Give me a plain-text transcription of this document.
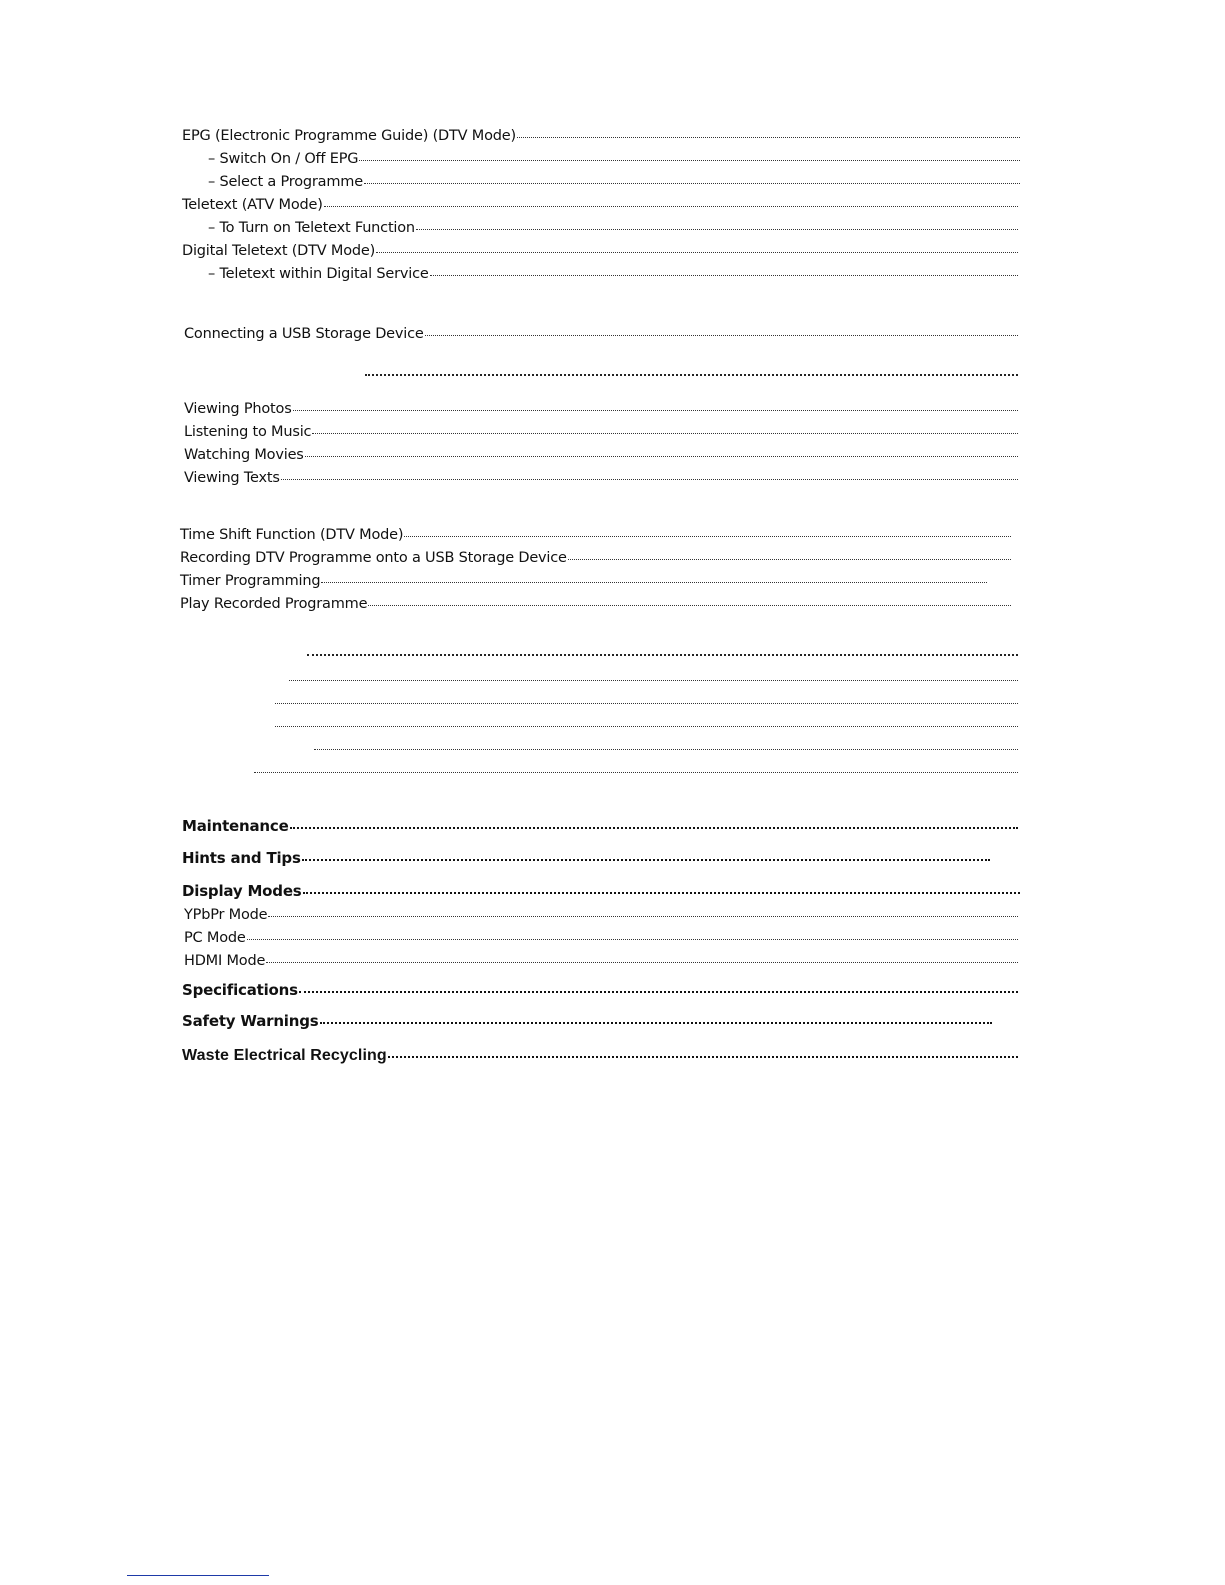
EPG (Electronic Programme Guide) (DTV Mode)
– Switch On / Off EPG
– Select a Programme
Teletext (ATV Mode)
– To Turn on Teletext Function
Digital Teletext (DTV Mode)
– Teletext within Digital Service
Connecting a USB Storage Device
Viewing Photos
Listening to Music
Watching Movies
Viewing Texts
Time Shift Function (DTV Mode)
Recording DTV Programme onto a USB Storage Device
Timer Programming
Play Recorded Programme
Maintenance
Hints and Tips
Display Modes
YPbPr Mode
PC Mode
HDMI Mode
Specifications
Safety Warnings
Waste Electrical Recycling
